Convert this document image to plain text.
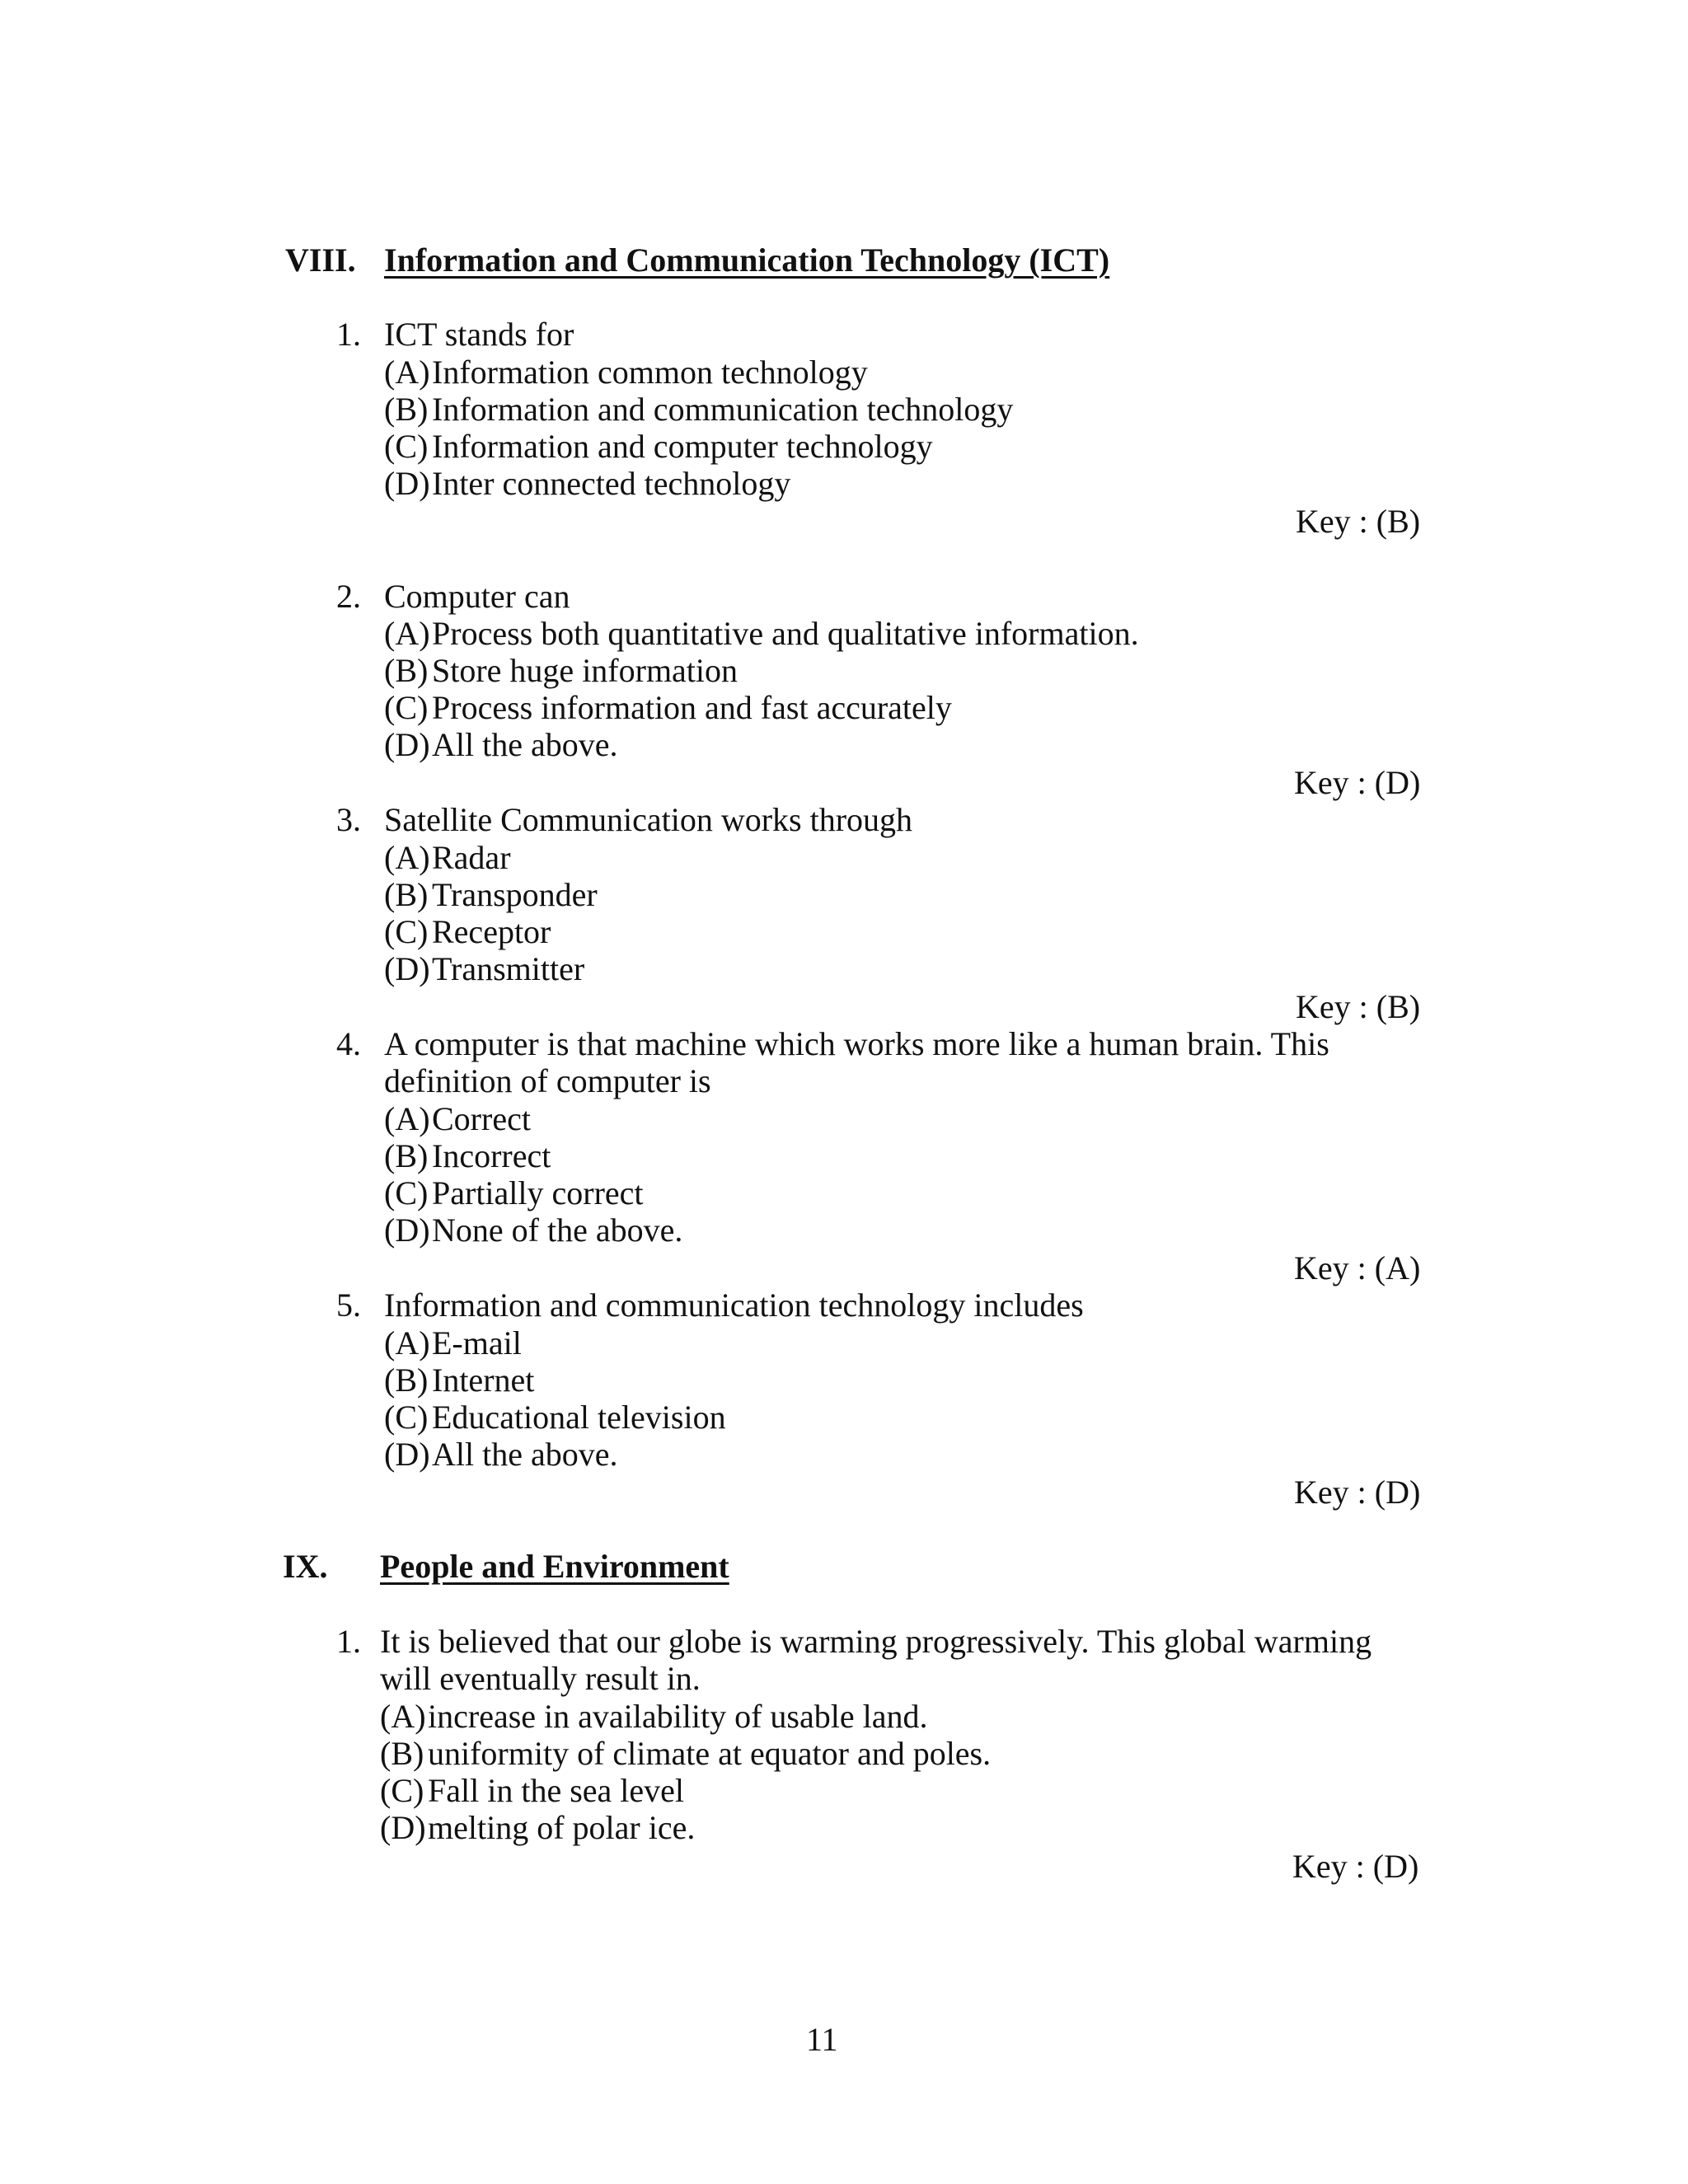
VIII. Information and Communication Technology (ICT)
1. ICT stands for
(A)Information common technology
(B) Information and communication technology
(C) Information and computer technology
(D)Inter connected technology
Key : (B)
2. Computer can
(A)Process both quantitative and qualitative information.
(B) Store huge information
(C) Process information and fast accurately
(D)All the above.
Key : (D)
3. Satellite Communication works through
(A)Radar
(B) Transponder
(C) Receptor
(D)Transmitter
Key : (B)
4. A computer is that machine which works more like a human brain. This
definition of computer is
(A)Correct
(B) Incorrect
(C) Partially correct
(D)None of the above.
Key : (A)
5. Information and communication technology includes
(A)E-mail
(B) Internet
(C) Educational television
(D)All the above.
Key : (D)
IX. People and Environment
1. It is believed that our globe is warming progressively. This global warming
will eventually result in.
(A)increase in availability of usable land.
(B) uniformity of climate at equator and poles.
(C) Fall in the sea level
(D)melting of polar ice.
Key : (D)
11
